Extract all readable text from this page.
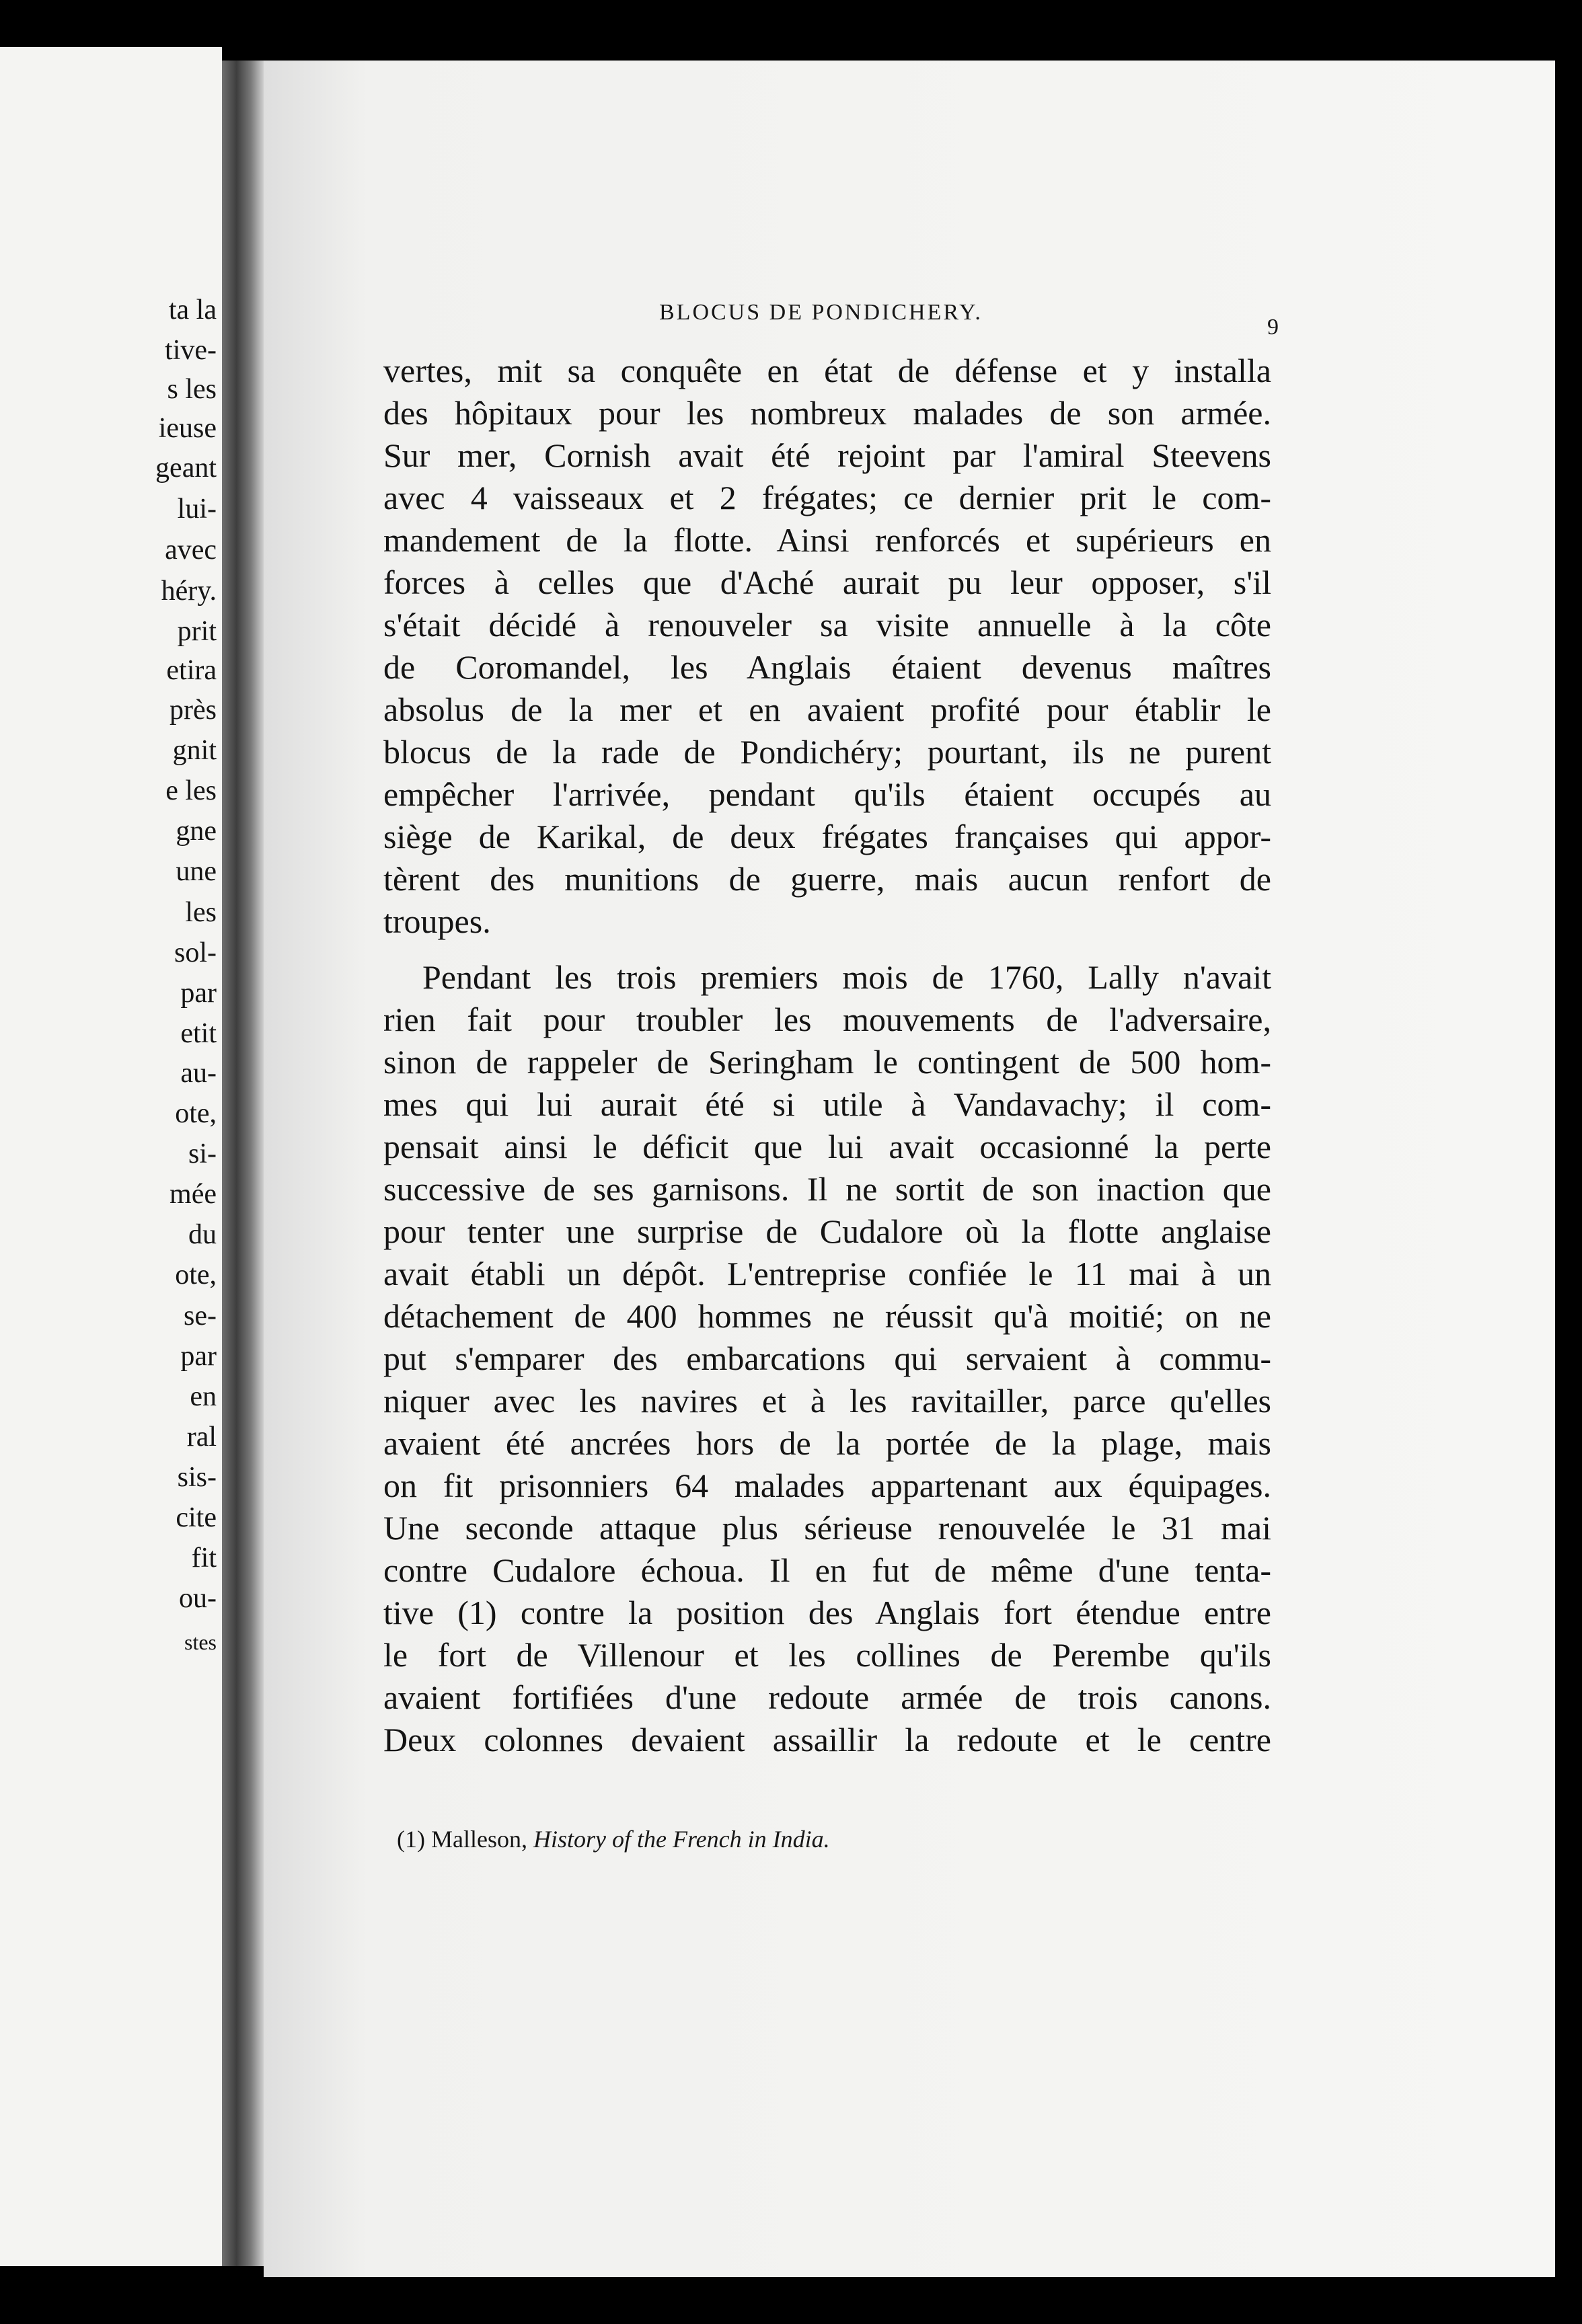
ta la
tive-
s les
ieuse
geant
lui-
avec
héry.
prit
etira
près
gnit
e les
gne
une
les
sol-
par
etit
au-
ote,
si-
mée
du
ote,
se-
par
en
ral
sis-
cite
fit
ou-
stes
BLOCUS DE PONDICHERY.
9

vertes, mit sa conquête en état de défense et y installa
des hôpitaux pour les nombreux malades de son armée.
Sur mer, Cornish avait été rejoint par l'amiral Steevens
avec 4 vaisseaux et 2 frégates; ce dernier prit le com-
mandement de la flotte. Ainsi renforcés et supérieurs en
forces à celles que d'Aché aurait pu leur opposer, s'il
s'était décidé à renouveler sa visite annuelle à la côte
de Coromandel, les Anglais étaient devenus maîtres
absolus de la mer et en avaient profité pour établir le
blocus de la rade de Pondichéry; pourtant, ils ne purent
empêcher l'arrivée, pendant qu'ils étaient occupés au
siège de Karikal, de deux frégates françaises qui appor-
tèrent des munitions de guerre, mais aucun renfort de
troupes.

Pendant les trois premiers mois de 1760, Lally n'avait
rien fait pour troubler les mouvements de l'adversaire,
sinon de rappeler de Seringham le contingent de 500 hom-
mes qui lui aurait été si utile à Vandavachy; il com-
pensait ainsi le déficit que lui avait occasionné la perte
successive de ses garnisons. Il ne sortit de son inaction que
pour tenter une surprise de Cudalore où la flotte anglaise
avait établi un dépôt. L'entreprise confiée le 11 mai à un
détachement de 400 hommes ne réussit qu'à moitié; on ne
put s'emparer des embarcations qui servaient à commu-
niquer avec les navires et à les ravitailler, parce qu'elles
avaient été ancrées hors de la portée de la plage, mais
on fit prisonniers 64 malades appartenant aux équipages.
Une seconde attaque plus sérieuse renouvelée le 31 mai
contre Cudalore échoua. Il en fut de même d'une tenta-
tive (1) contre la position des Anglais fort étendue entre
le fort de Villenour et les collines de Perembe qu'ils
avaient fortifiées d'une redoute armée de trois canons.
Deux colonnes devaient assaillir la redoute et le centre

(1) Malleson, History of the French in India.
